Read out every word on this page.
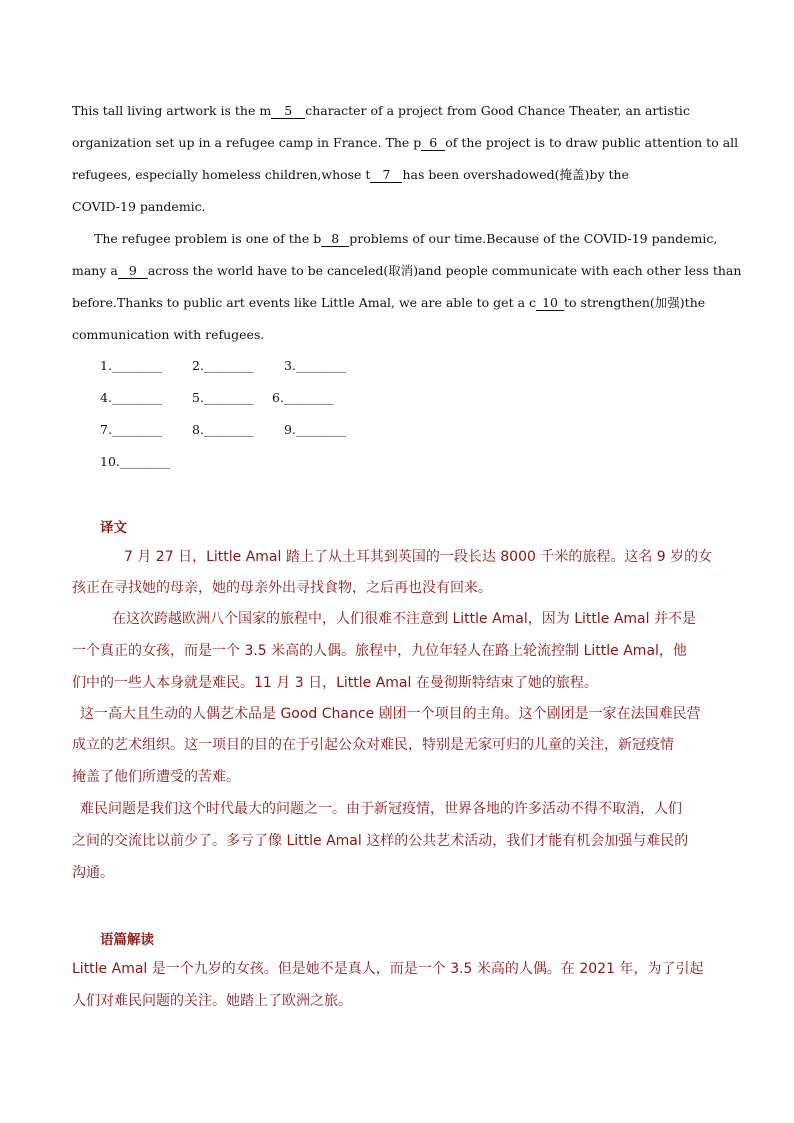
This tall living artwork is the m 5 character of a project from Good Chance Theater, an artistic
organization set up in a refugee camp in France. The p 6 of the project is to draw public attention to all
refugees, especially homeless children,whose t 7 has been overshadowed(掩盖)by the
COVID-19 pandemic.
The refugee problem is one of the b 8 problems of our time.Because of the COVID-19 pandemic,
many a 9 across the world have to be canceled(取消)and people communicate with each other less than
before.Thanks to public art events like Little Amal, we are able to get a c 10 to strengthen(加强)the
communication with refugees.
1.________ 2.________ 3.________
4.________ 5.________ 6.________
7.________ 8.________ 9.________
10.________
译文
7 月 27 日，Little Amal 踏上了从土耳其到英国的一段长达 8000 千米的旅程。这名 9 岁的女
孩正在寻找她的母亲，她的母亲外出寻找食物，之后再也没有回来。
在这次跨越欧洲八个国家的旅程中，人们很难不注意到 Little Amal，因为 Little Amal 并不是
一个真正的女孩，而是一个 3.5 米高的人偶。旅程中，九位年轻人在路上轮流控制 Little Amal，他
们中的一些人本身就是难民。11 月 3 日，Little Amal 在曼彻斯特结束了她的旅程。
这一高大且生动的人偶艺术品是 Good Chance 剧团一个项目的主角。这个剧团是一家在法国难民营
成立的艺术组织。这一项目的目的在于引起公众对难民，特别是无家可归的儿童的关注，新冠疫情
掩盖了他们所遭受的苦难。
难民问题是我们这个时代最大的问题之一。由于新冠疫情，世界各地的许多活动不得不取消，人们
之间的交流比以前少了。多亏了像 Little Amal 这样的公共艺术活动，我们才能有机会加强与难民的
沟通。
语篇解读
Little Amal 是一个九岁的女孩。但是她不是真人，而是一个 3.5 米高的人偶。在 2021 年，为了引起
人们对难民问题的关注。她踏上了欧洲之旅。
